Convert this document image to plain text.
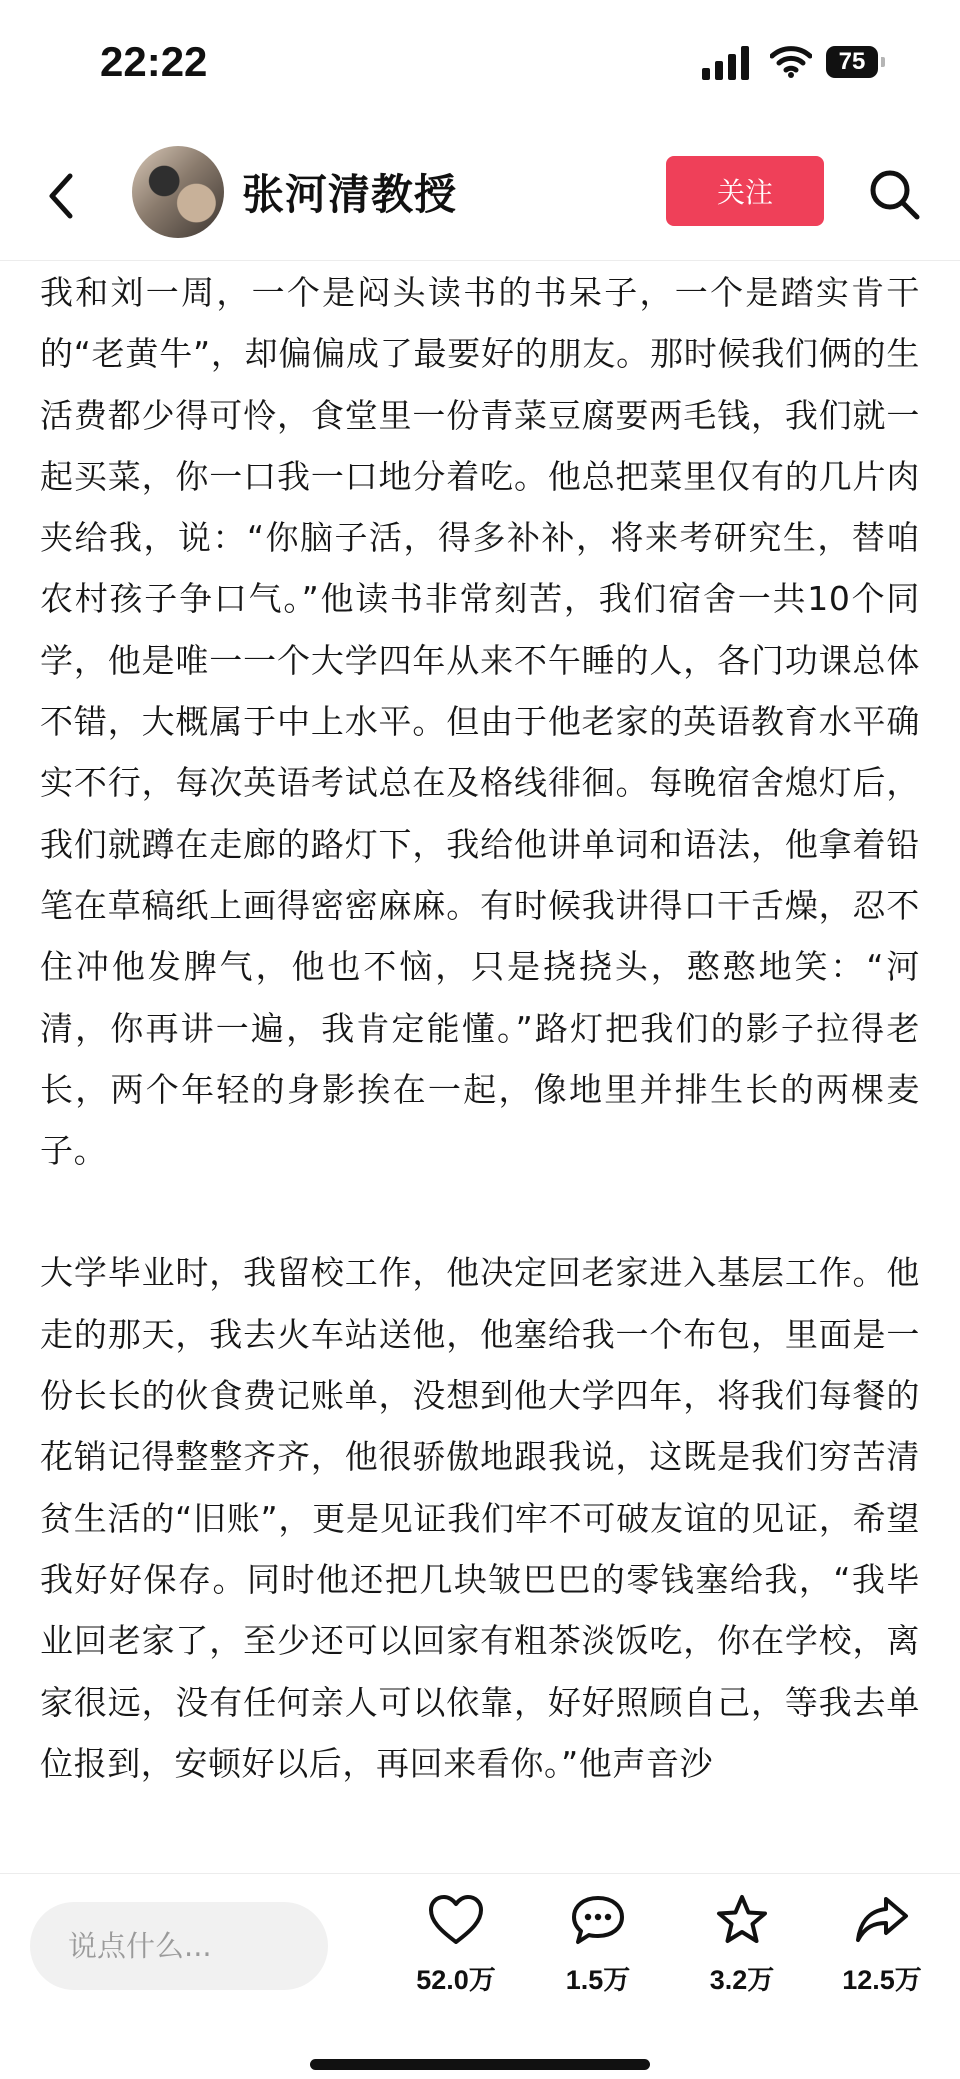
22:22	75
张河清教授	关注

我和刘一周，一个是闷头读书的书呆子，一个是踏实肯干的“老黄牛”，却偏偏成了最要好的朋友。那时候我们俩的生活费都少得可怜，食堂里一份青菜豆腐要两毛钱，我们就一起买菜，你一口我一口地分着吃。他总把菜里仅有的几片肉夹给我，说：“你脑子活，得多补补，将来考研究生，替咱农村孩子争口气。”他读书非常刻苦，我们宿舍一共10个同学，他是唯一一个大学四年从来不午睡的人，各门功课总体不错，大概属于中上水平。但由于他老家的英语教育水平确实不行，每次英语考试总在及格线徘徊。每晚宿舍熄灯后，我们就蹲在走廊的路灯下，我给他讲单词和语法，他拿着铅笔在草稿纸上画得密密麻麻。有时候我讲得口干舌燥，忍不住冲他发脾气，他也不恼，只是挠挠头，憨憨地笑：“河清，你再讲一遍，我肯定能懂。”路灯把我们的影子拉得老长，两个年轻的身影挨在一起，像地里并排生长的两棵麦子。

大学毕业时，我留校工作，他决定回老家进入基层工作。他走的那天，我去火车站送他，他塞给我一个布包，里面是一份长长的伙食费记账单，没想到他大学四年，将我们每餐的花销记得整整齐齐，他很骄傲地跟我说，这既是我们穷苦清贫生活的“旧账”，更是见证我们牢不可破友谊的见证，希望我好好保存。同时他还把几块皱巴巴的零钱塞给我，“我毕业回老家了，至少还可以回家有粗茶淡饭吃，你在学校，离家很远，没有任何亲人可以依靠，好好照顾自己，等我去单位报到，安顿好以后，再回来看你。”他声音沙

说点什么...
52.0万	1.5万	3.2万	12.5万
